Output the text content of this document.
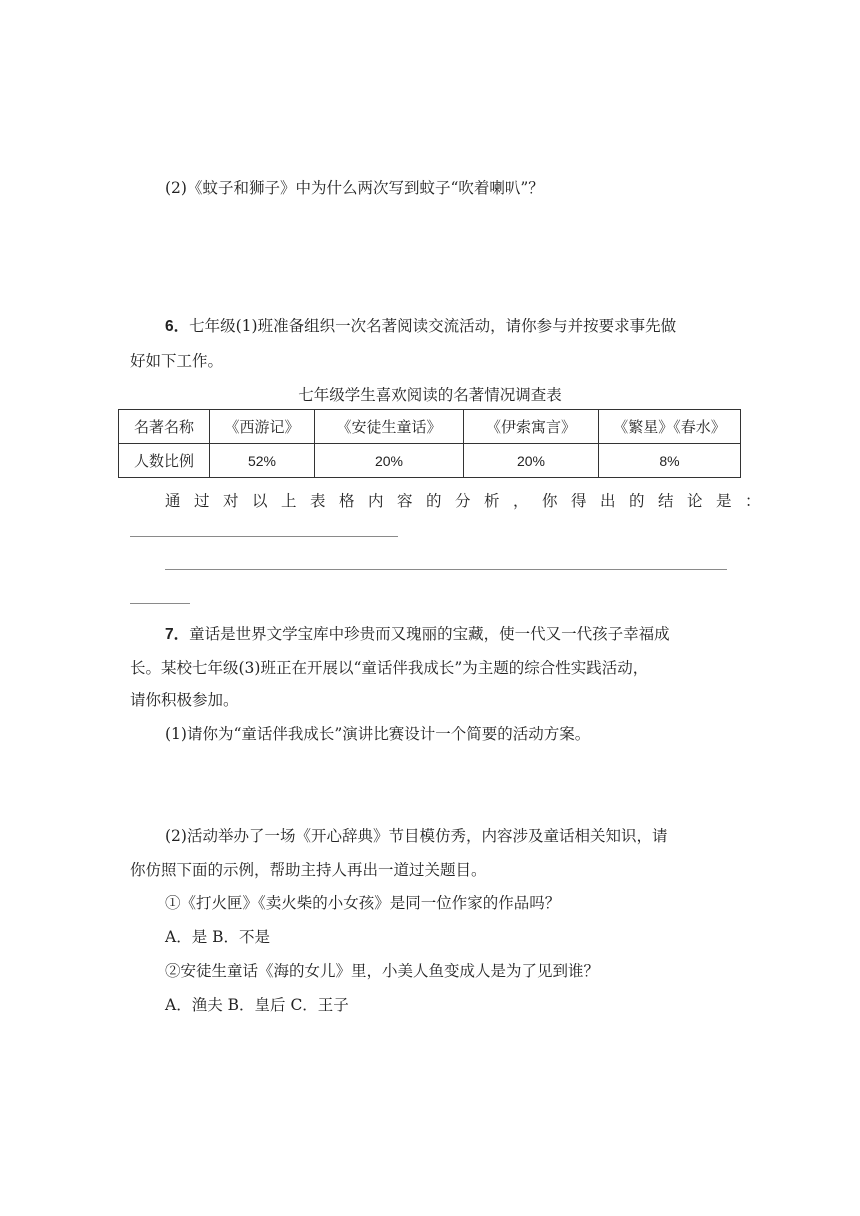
(2)《蚊子和狮子》中为什么两次写到蚊子“吹着喇叭”？
6．七年级(1)班准备组织一次名著阅读交流活动，请你参与并按要求事先做
好如下工作。
七年级学生喜欢阅读的名著情况调查表
名著名称	《西游记》	《安徒生童话》	《伊索寓言》	《繁星》《春水》
人数比例	52%	20%	20%	8%
通过对以上表格内容的分析，你得出的结论是：
7．童话是世界文学宝库中珍贵而又瑰丽的宝藏，使一代又一代孩子幸福成
长。某校七年级(3)班正在开展以“童话伴我成长”为主题的综合性实践活动，
请你积极参加。
(1)请你为“童话伴我成长”演讲比赛设计一个简要的活动方案。
(2)活动举办了一场《开心辞典》节目模仿秀，内容涉及童话相关知识，请
你仿照下面的示例，帮助主持人再出一道过关题目。
①《打火匣》《卖火柴的小女孩》是同一位作家的作品吗？
A．是 B．不是
②安徒生童话《海的女儿》里，小美人鱼变成人是为了见到谁？
A．渔夫 B．皇后 C．王子
